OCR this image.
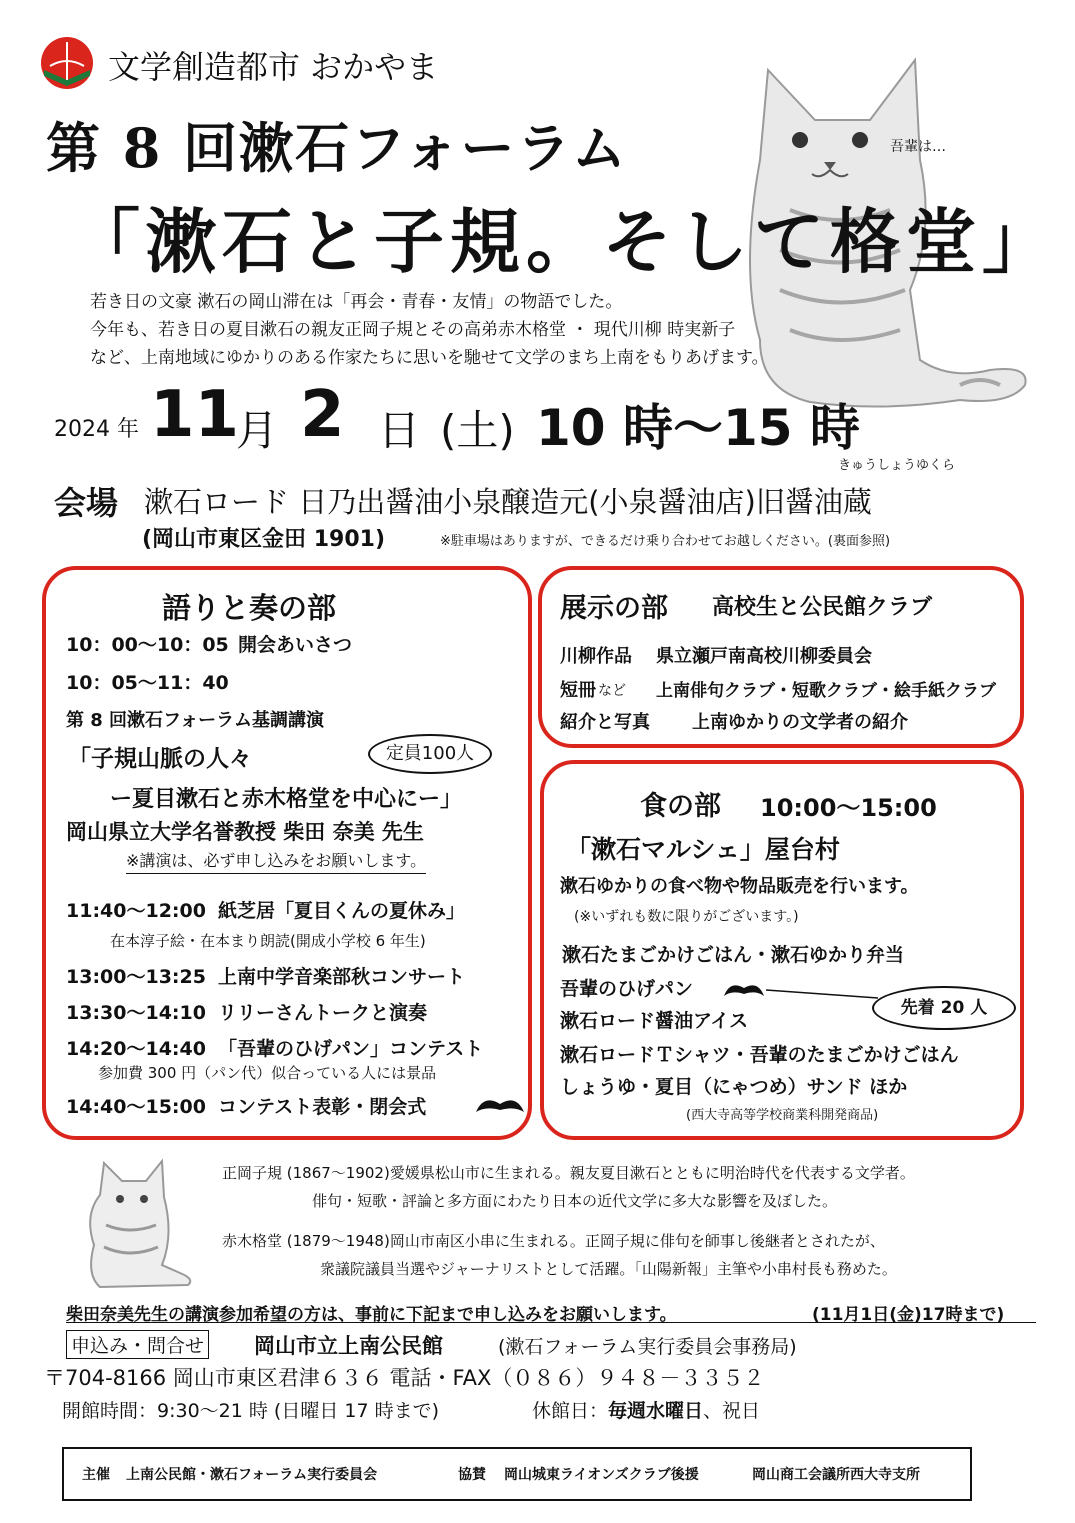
文学創造都市 おかやま
第 8 回漱石フォーラム	吾輩は…
「漱石と子規。そして格堂」
若き日の文豪 漱石の岡山滞在は「再会・青春・友情」の物語でした。
今年も、若き日の夏目漱石の親友正岡子規とその高弟赤木格堂 ・ 現代川柳 時実新子
など、上南地域にゆかりのある作家たちに思いを馳せて文学のまち上南をもりあげます。
2024 年 11
月 2 日 (土) 10 時～15 時
きゅうしょうゆくら
会場 漱石ロード 日乃出醤油小泉醸造元(小泉醤油店)旧醤油蔵
(岡山市東区金田 1901)	※駐車場はありますが、できるだけ乗り合わせてお越しください。(裏面参照)
語りと奏の部
10：00～10：05 開会あいさつ
10：05～11：40
第 8 回漱石フォーラム基調講演
「子規山脈の人々	定員100人
ー夏目漱石と赤木格堂を中心にー」
岡山県立大学名誉教授 柴田 奈美 先生
※講演は、必ず申し込みをお願いします。
11:40～12:00 紙芝居「夏目くんの夏休み」
在本淳子絵・在本まり朗読(開成小学校 6 年生)
13:00～13:25 上南中学音楽部秋コンサート
13:30～14:10 リリーさんトークと演奏
14:20～14:40 「吾輩のひげパン」コンテスト
参加費 300 円（パン代）似合っている人には景品
14:40～15:00 コンテスト表彰・閉会式
展示の部 高校生と公民館クラブ
川柳作品 県立瀬戸南高校川柳委員会
短冊 など 上南俳句クラブ・短歌クラブ・絵手紙クラブ
紹介と写真 上南ゆかりの文学者の紹介
食の部 10:00～15:00
「漱石マルシェ」屋台村
漱石ゆかりの食べ物や物品販売を行います。
(※いずれも数に限りがございます。)
漱石たまごかけごはん・漱石ゆかり弁当
吾輩のひげパン
先着 20 人
漱石ロード醤油アイス
漱石ロードＴシャツ・吾輩のたまごかけごはん
しょうゆ・夏目（にゃつめ）サンド ほか
(西大寺高等学校商業科開発商品)
正岡子規 (1867～1902)愛媛県松山市に生まれる。親友夏目漱石とともに明治時代を代表する文学者。
俳句・短歌・評論と多方面にわたり日本の近代文学に多大な影響を及ぼした。
赤木格堂 (1879～1948)岡山市南区小串に生まれる。正岡子規に俳句を師事し後継者とされたが、
衆議院議員当選やジャーナリストとして活躍。「山陽新報」主筆や小串村長も務めた。
柴田奈美先生の講演参加希望の方は、事前に下記まで申し込みをお願いします。	(11月1日(金)17時まで)
申込み・問合せ 岡山市立上南公民館	(漱石フォーラム実行委員会事務局)
〒704-8166 岡山市東区君津６３６ 電話・FAX（０８６）９４８－３３５２
開館時間：9:30～21 時 (日曜日 17 時まで)	休館日：毎週水曜日、祝日
主催 上南公民館・漱石フォーラム実行委員会	協賛 岡山城東ライオンズクラブ後援	岡山商工会議所西大寺支所
